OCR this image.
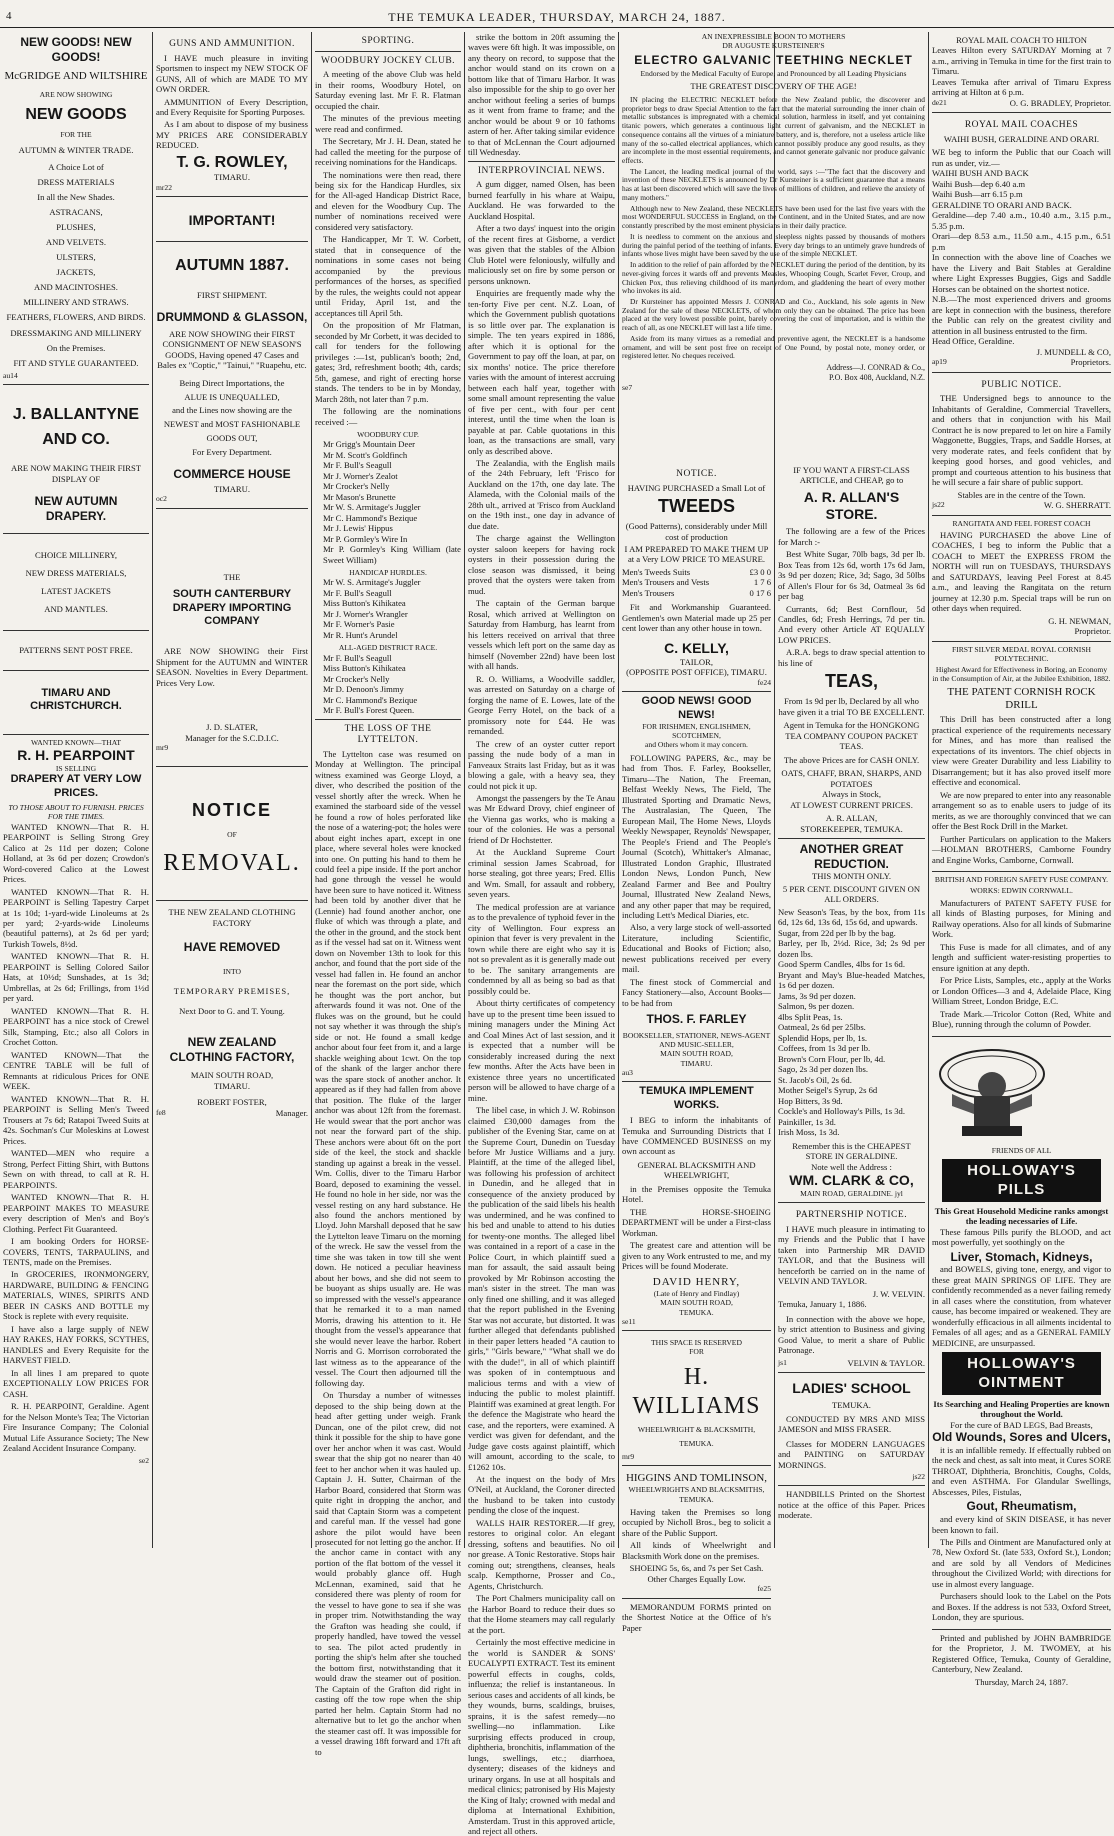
4	THE TEMUKA LEADER, THURSDAY, MARCH 24, 1887.
NEW GOODS! NEW GOODS!
McGRIDGE AND WILTSHIRE
ARE NOW SHOWING
NEW GOODS
FOR THE
AUTUMN & WINTER TRADE.
A Choice Lot of
DRESS MATERIALS
In all the New Shades.
ASTRACANS,
PLUSHES,
AND VELVETS.
ULSTERS,
JACKETS,
AND MACINTOSHES.
MILLINERY AND STRAWS.
FEATHERS, FLOWERS, AND BIRDS.
DRESSMAKING AND MILLINERY
On the Premises.
FIT AND STYLE GUARANTEED.
au14
J. BALLANTYNE AND CO.
ARE NOW MAKING THEIR FIRST DISPLAY OF
NEW AUTUMN DRAPERY.
CHOICE MILLINERY,
NEW DRESS MATERIALS,
LATEST JACKETS
AND MANTLES.
PATTERNS SENT POST FREE.
TIMARU AND CHRISTCHURCH.
WANTED KNOWN—THAT
R. H. PEARPOINT
IS SELLING
DRAPERY AT VERY LOW PRICES.
TO THOSE ABOUT TO FURNISH. PRICES FOR THE TIMES.

WANTED KNOWN—That R. H. PEARPOINT is Selling Strong Grey Calico at 2s 11d per dozen; Colone Holland, at 3s 6d per dozen; Crowdon's Word-covered Calico at the Lowest Prices.

WANTED KNOWN—That R. H. PEARPOINT is Selling Tapestry Carpet at 1s 10d; 1-yard-wide Linoleums at 2s per yard; 2-yards-wide Linoleums (beautiful patterns), at 2s 6d per yard; Turkish Towels, 8½d.

WANTED KNOWN—That R. H. PEARPOINT is Selling Colored Sailor Hats, at 10½d; Sunshades, at 1s 3d; Umbrellas, at 2s 6d; Frillings, from 1½d per yard.

WANTED KNOWN—That R. H. PEARPOINT has a nice stock of Crewel Silk, Stamping, Etc.; also all Colors in Crochet Cotton.

WANTED KNOWN—That the CENTRE TABLE will be full of Remnants at ridiculous Prices for ONE WEEK.

WANTED KNOWN—That R. H. PEARPOINT is Selling Men's Tweed Trousers at 7s 6d; Ratapoi Tweed Suits at 42s. Sochman's Cur Moleskins at Lowest Prices.

WANTED—MEN who require a Strong, Perfect Fitting Shirt, with Buttons Sewn on with thread, to call at R. H. PEARPOINTS.

WANTED KNOWN—That R. H. PEARPOINT MAKES TO MEASURE every description of Men's and Boy's Clothing. Perfect Fit Guaranteed.

I am booking Orders for HORSE-COVERS, TENTS, TARPAULINS, and TENTS, made on the Premises.

In GROCERIES, IRONMONGERY, HARDWARE, BUILDING & FENCING MATERIALS, WINES, SPIRITS AND BEER IN CASKS AND BOTTLE my Stock is replete with every requisite.

I have also a large supply of NEW HAY RAKES, HAY FORKS, SCYTHES, HANDLES and Every Requisite for the HARVEST FIELD.

In all lines I am prepared to quote EXCEPTIONALLY LOW PRICES FOR CASH.

R. H. PEARPOINT, Geraldine. Agent for the Nelson Monte's Tea; The Victorian Fire Insurance Company; The Colonial Mutual Life Assurance Society; The New Zealand Accident Insurance Company.

se2
GUNS AND AMMUNITION.

I HAVE much pleasure in inviting Sportsmen to inspect my NEW STOCK OF GUNS, All of which are MADE TO MY OWN ORDER.

AMMUNITION of Every Description, and Every Requisite for Sporting Purposes.

As I am about to dispose of my business MY PRICES ARE CONSIDERABLY REDUCED.

T. G. ROWLEY,
TIMARU.
mr22
IMPORTANT!
AUTUMN 1887.
FIRST SHIPMENT.
DRUMMOND & GLASSON,
ARE NOW SHOWING their FIRST CONSIGNMENT OF NEW SEASON'S GOODS, Having opened 47 Cases and Bales ex "Coptic," "Tainui," "Ruapehu, etc.
Being Direct Importations, the
ALUE IS UNEQUALLED,
and the Lines now showing are the
NEWEST and MOST FASHIONABLE
GOODS OUT,
For Every Department.
COMMERCE HOUSE
TIMARU.
oc2
THE
SOUTH CANTERBURY DRAPERY IMPORTING COMPANY

ARE NOW SHOWING their First Shipment for the AUTUMN and WINTER SEASON. Novelties in Every Department. Prices Very Low.

J. D. SLATER,
Manager for the S.C.D.I.C.
mr9
NOTICE
OF
REMOVAL.
THE NEW ZEALAND CLOTHING FACTORY
HAVE REMOVED
INTO
TEMPORARY PREMISES,
Next Door to G. and T. Young.
NEW ZEALAND CLOTHING FACTORY,
MAIN SOUTH ROAD,
TIMARU.
ROBERT FOSTER,
fe8	Manager.
SPORTING.
WOODBURY JOCKEY CLUB.

A meeting of the above Club was held in their rooms, Woodbury Hotel, on Saturday evening last. Mr F. R. Flatman occupied the chair.

The minutes of the previous meeting were read and confirmed.

The Secretary, Mr J. H. Dean, stated he had called the meeting for the purpose of receiving nominations for the Handicaps.

The nominations were then read, there being six for the Handicap Hurdles, six for the All-aged Handicap District Race, and eleven for the Woodbury Cup. The number of nominations received were considered very satisfactory.

The Handicapper, Mr T. W. Corbett, stated that in consequence of the nominations in some cases not being accompanied by the previous performances of the horses, as specified by the rules, the weights could not appear until Friday, April 1st, and the acceptances till April 5th.

On the proposition of Mr Flatman, seconded by Mr Corbett, it was decided to call for tenders for the following privileges :—1st, publican's booth; 2nd, gates; 3rd, refreshment booth; 4th, cards; 5th, gamese, and right of erecting horse stands. The tenders to be in by Monday, March 28th, not later than 7 p.m.

The following are the nominations received :—

WOODBURY CUP.
Mr Grigg's Mountain Deer
Mr M. Scott's Goldfinch
Mr F. Bull's Seagull
Mr J. Worner's Zealot
Mr Crocker's Nelly
Mr Mason's Brunette
Mr W. S. Armitage's Juggler
Mr C. Hammond's Bezique
Mr J. Lewis' Hippus
Mr P. Gormley's Wire In
Mr P. Gormley's King William (late Sweet William)
HANDICAP HURDLES.
Mr W. S. Armitage's Juggler
Mr F. Bull's Seagull
Miss Button's Kihikatea
Mr J. Worner's Wrangler
Mr F. Worner's Pasie
Mr R. Hunt's Arundel
ALL-AGED DISTRICT RACE.
Mr F. Bull's Seagull
Miss Button's Kihikatea
Mr Crocker's Nelly
Mr D. Denoon's Jimmy
Mr C. Hammond's Bezique
Mr F. Bull's Forest Queen.
THE LOSS OF THE LYTTELTON.

The Lyttelton case was resumed on Monday at Wellington. The principal witness examined was George Lloyd, a diver, who described the position of the vessel shortly after the wreck. When he examined the starboard side of the vessel he found a row of holes perforated like the nose of a watering-pot; the holes were about eight inches apart, except in one place, where several holes were knocked into one. On putting his hand to them he could feel a pipe inside. If the port anchor had gone through the vessel he would have been sure to have noticed it. Witness had been told by another diver that he (Lennie) had found another anchor, one fluke of which was through a plate, and the other in the ground, and the stock bent as if the vessel had sat on it. Witness went down on November 13th to look for this anchor, and found that the port side of the vessel had fallen in. He found an anchor near the foremast on the port side, which he thought was the port anchor, but afterwards found it was not. One of the flukes was on the ground, but he could not say whether it was through the ship's side or not. He found a small kedge anchor about four feet from it, and a large shackle weighing about 1cwt. On the top of the shank of the larger anchor there was the spare stock of another anchor. It appeared as if they had fallen from above that position. The fluke of the larger anchor was about 12ft from the foremast. He would swear that the port anchor was not near the forward part of the ship. These anchors were about 6ft on the port side of the keel, the stock and shackle standing up against a break in the vessel. Wm. Collis, diver to the Timaru Harbor Board, deposed to examining the vessel. He found no hole in her side, nor was the vessel resting on any hard substance. He also found the anchors mentioned by Lloyd. John Marshall deposed that he saw the Lyttelton leave Timaru on the morning of the wreck. He saw the vessel from the time she was taken in tow till she went down. He noticed a peculiar heaviness about her bows, and she did not seem to be buoyant as ships usually are. He was so impressed with the vessel's appearance that he remarked it to a man named Morris, drawing his attention to it. He thought from the vessel's appearance that she would never leave the harbor. Robert Norris and G. Morrison corroborated the last witness as to the appearance of the vessel. The Court then adjourned till the following day.

On Thursday a number of witnesses deposed to the ship being down at the head after getting under weigh. Frank Duncan, one of the pilot crew, did not think it possible for the ship to have gone over her anchor when it was cast. Would swear that the ship got no nearer than 40 feet to her anchor when it was hauled up. Captain J. H. Sutter, Chairman of the Harbor Board, considered that Storm was quite right in dropping the anchor, and said that Captain Storm was a competent and careful man. If the vessel had gone ashore the pilot would have been prosecuted for not letting go the anchor. If the anchor came in contact with any portion of the flat bottom of the vessel it would probably glance off. Hugh McLennan, examined, said that he considered there was plenty of room for the vessel to have gone to sea if she was in proper trim. Notwithstanding the way the Grafton was heading she could, if properly handled, have towed the vessel to sea. The pilot acted prudently in porting the ship's helm after she touched the bottom first, notwithstanding that it would draw the steamer out of position. The Captain of the Grafton did right in casting off the tow rope when the ship parted her helm. Captain Storm had no alternative but to let go the anchor when the steamer cast off. It was impossible for a vessel drawing 18ft forward and 17ft aft to

strike the bottom in 20ft assuming the waves were 6ft high. It was impossible, on any theory on record, to suppose that the anchor would stand on its crown on a bottom like that of Timaru Harbor. It was also impossible for the ship to go over her anchor without feeling a series of bumps as it went from frame to frame; and the anchor would be about 9 or 10 fathoms astern of her. After taking similar evidence to that of McLennan the Court adjourned till Wednesday.

INTERPROVINCIAL NEWS.

A gum digger, named Olsen, has been burned fearfully in his whare at Waipu, Auckland. He was forwarded to the Auckland Hospital.

After a two days' inquest into the origin of the recent fires at Gisborne, a verdict was given that the stables of the Albion Club Hotel were feloniously, wilfully and maliciously set on fire by some person or persons unknown.

Enquiries are frequently made why the ten-forty Five per cent. N.Z. Loan, of which the Government publish quotations is so little over par. The explanation is simple. The ten years expired in 1886, after which it is optional for the Government to pay off the loan, at par, on six months' notice. The price therefore varies with the amount of interest accruing between each half year, together with some small amount representing the value of five per cent., with four per cent interest, until the time when the loan is payable at par. Cable quotations in this loan, as the transactions are small, vary only as described above.

The Zealandia, with the English mails of the 24th February, left 'Frisco for Auckland on the 17th, one day late. The Alameda, with the Colonial mails of the 28th ult., arrived at 'Frisco from Auckland on the 19th inst., one day in advance of due date.

The charge against the Wellington oyster saloon keepers for having rock oysters in their possession during the close season was dismissed, it being proved that the oysters were taken from mud.

The captain of the German barque Rosal, which arrived at Wellington on Saturday from Hamburg, has learnt from his letters received on arrival that three vessels which left port on the same day as himself (November 22nd) have been lost with all hands.

R. O. Williams, a Woodville saddler, was arrested on Saturday on a charge of forging the name of E. Lowes, late of the George Ferry Hotel, on the back of a promissory note for £44. He was remanded.

The crew of an oyster cutter report passing the nude body of a man in Fanveaux Straits last Friday, but as it was blowing a gale, with a heavy sea, they could not pick it up.

Amongst the passengers by the Te Anau was Mr Edward Drovy, chief engineer of the Vienna gas works, who is making a tour of the colonies. He was a personal friend of Dr Hochstetter.

At the Auckland Supreme Court criminal session James Scabroad, for horse stealing, got three years; Fred. Ellis and Wm. Small, for assault and robbery, seven years.

The medical profession are at variance as to the prevalence of typhoid fever in the city of Wellington. Four express an opinion that fever is very prevalent in the town while there are eight who say it is not so prevalent as it is generally made out to be. The sanitary arrangements are condemned by all as being so bad as that possibly could be.

About thirty certificates of competency have up to the present time been issued to mining managers under the Mining Act and Coal Mines Act of last session, and it is expected that a number will be considerably increased during the next few months. After the Acts have been in existence three years no uncertificated person will be allowed to have charge of a mine.

The libel case, in which J. W. Robinson claimed £30,000 damages from the publisher of the Evening Star, came on at the Supreme Court, Dunedin on Tuesday before Mr Justice Williams and a jury. Plaintiff, at the time of the alleged libel, was following his profession of architect in Dunedin, and he alleged that in consequence of the anxiety produced by the publication of the said libels his health was undermined, and he was confined to his bed and unable to attend to his duties for twenty-one months. The alleged libel was contained in a report of a case in the Police Court, in which plaintiff sued a man for assault, the said assault being provoked by Mr Robinson accosting the man's sister in the street. The man was only fined one shilling, and it was alleged that the report published in the Evening Star was not accurate, but distorted. It was further alleged that defendants published in their paper letters headed "A caution to girls," "Girls beware," "What shall we do with the dude!", in all of which plaintiff was spoken of in contemptuous and malicious terms and with a view of inducing the public to molest plaintiff. Plaintiff was examined at great length. For the defence the Magistrate who heard the case, and the reporters, were examined. A verdict was given for defendant, and the Judge gave costs against plaintiff, which will amount, according to the scale, to £1262 10s.

At the inquest on the body of Mrs O'Neil, at Auckland, the Coroner directed the husband to be taken into custody pending the close of the inquest.

WALLS HAIR RESTORER.—If grey, restores to original color. An elegant dressing, softens and beautifies. No oil nor grease. A Tonic Restorative. Stops hair coming out; strengthens, cleanses, heals scalp. Kempthorne, Prosser and Co., Agents, Christchurch.

The Port Chalmers municipality call on the Harbor Board to reduce their dues so that the Home steamers may call regularly at the port.

Certainly the most effective medicine in the world is SANDER & SONS' EUCALYPTI EXTRACT. Test its eminent powerful effects in coughs, colds, influenza; the relief is instantaneous. In serious cases and accidents of all kinds, be they wounds, burns, scaldings, bruises, sprains, it is the safest remedy—no swelling—no inflammation. Like surprising effects produced in croup, diphtheria, bronchitis, inflammation of the lungs, swellings, etc.; diarrhoea, dysentery; diseases of the kidneys and urinary organs. In use at all hospitals and medical clinics; patronised by His Majesty the King of Italy; crowned with medal and diploma at International Exhibition, Amsterdam. Trust in this approved article, and reject all others.

AN INEXPRESSIBLE BOON TO MOTHERS
DR AUGUSTE KURSTEINER'S
ELECTRO GALVANIC TEETHING NECKLET
Endorsed by the Medical Faculty of Europe, and Pronounced by all Leading Physicians
THE GREATEST DISCOVERY OF THE AGE!

IN placing the ELECTRIC NECKLET before the New Zealand public, the discoverer and proprietor begs to draw Special Attention to the fact that the material surrounding the inner chain of metallic substances is impregnated with a chemical solution, harmless in itself, and yet containing titanic powers, which generates a continuous light current of galvanism, and the NECKLET in consequence contains all the virtues of a miniature battery, and is, therefore, not a useless article like many of the so-called electrical appliances, which cannot possibly produce any good results, as they are incomplete in the most essential requirements, and cannot generate galvanic nor produce galvanic effects.

The Lancet, the leading medical journal of the world, says :—"The fact that the discovery and invention of these NECKLETS is announced by Dr Kursteiner is a sufficient guarantee that a means has at last been discovered which will save the lives of millions of children, and relieve the anxiety of many mothers."

Although new to New Zealand, these NECKLETS have been used for the last five years with the most WONDERFUL SUCCESS in England, on the Continent, and in the United States, and are now constantly prescribed by the most eminent physicians in their daily practice.

It is needless to comment on the anxious and sleepless nights passed by thousands of mothers during the painful period of the teething of infants. Every day brings to an untimely grave hundreds of infants whose lives might have been saved by the use of the simple NECKLET.

In addition to the relief of pain afforded by the NECKLET during the period of the dentition, by its never-giving forces it wards off and prevents Measles, Whooping Cough, Scarlet Fever, Croup, and Chicken Pox, thus relieving childhood of its martyrdom, and gladdening the heart of every mother who invokes its aid.

Dr Kursteiner has appointed Messrs J. CONRAD and Co., Auckland, his sole agents in New Zealand for the sale of these NECKLETS, of whom only they can be obtained. The price has been placed at the very lowest possible point, barely covering the cost of importation, and is within the reach of all, as one NECKLET will last a life time.

Aside from its many virtues as a remedial and preventive agent, the NECKLET is a handsome ornament, and will be sent post free on receipt of One Pound, by postal note, money order, or registered letter. No cheques received.

Address—J. CONRAD & Co.,
P.O. Box 408, Auckland, N.Z.
se7
NOTICE.
HAVING PURCHASED a Small Lot of
TWEEDS
(Good Patterns), considerably under Mill cost of production
I AM PREPARED TO MAKE THEM UP at a Very LOW PRICE TO MEASURE.
Men's Tweeds Suits	£3 0 0
Men's Trousers and Vests	1 7 6
Men's Trousers	0 17 6

Fit and Workmanship Guaranteed. Gentlemen's own Material made up 25 per cent lower than any other house in town.

C. KELLY,
TAILOR,
(OPPOSITE POST OFFICE), TIMARU.
fe24
GOOD NEWS! GOOD NEWS!
FOR IRISHMEN, ENGLISHMEN, SCOTCHMEN,
and Others whom it may concern.

FOLLOWING PAPERS, &c., may be had from Thos. F. Farley, Bookseller, Timaru—The Nation, The Freeman, Belfast Weekly News, The Field, The Illustrated Sporting and Dramatic News, The Australasian, The Queen, The European Mail, The Home News, Lloyds Weekly Newspaper, Reynolds' Newspaper, The People's Friend and The People's Journal (Scotch), Whittaker's Almanac, Illustrated London Graphic, Illustrated London News, London Punch, New Zealand Farmer and Bee and Poultry Journal, Illustrated New Zealand News, and any other paper that may be required, including Lett's Medical Diaries, etc.

Also, a very large stock of well-assorted Literature, including Scientific, Educational and Books of Fiction; also, newest publications received per every mail.

The finest stock of Commercial and Fancy Stationery—also, Account Books—to be had from

THOS. F. FARLEY
BOOKSELLER, STATIONER, NEWS-AGENT AND MUSIC-SELLER,
MAIN SOUTH ROAD,
TIMARU.
au3
TEMUKA IMPLEMENT WORKS.

I BEG to inform the inhabitants of Temuka and Surrounding Districts that I have COMMENCED BUSINESS on my own account as

GENERAL BLACKSMITH AND
WHEELWRIGHT,

in the Premises opposite the Temuka Hotel.

THE HORSE-SHOEING DEPARTMENT will be under a First-class Workman.

The greatest care and attention will be given to any Work entrusted to me, and my Prices will be found Moderate.

DAVID HENRY,
(Late of Henry and Findlay)
MAIN SOUTH ROAD,
TEMUKA.
se11
THIS SPACE IS RESERVED
FOR
H. WILLIAMS
WHEELWRIGHT & BLACKSMITH,
TEMUKA.
mr9
HIGGINS AND TOMLINSON,
WHEELWRIGHTS AND BLACKSMITHS, TEMUKA.

Having taken the Premises so long occupied by Nicholl Bros., beg to solicit a share of the Public Support.

All kinds of Wheelwright and Blacksmith Work done on the premises.

SHOEING 5s, 6s, and 7s per Set Cash.
Other Charges Equally Low.
fe25

MEMORANDUM FORMS printed on the Shortest Notice at the Office of h's Paper

IF YOU WANT A FIRST-CLASS ARTICLE, and CHEAP, go to
A. R. ALLAN'S STORE.

The following are a few of the Prices for March :-

Best White Sugar, 70lb bags, 3d per lb. Box Teas from 12s 6d, worth 17s 6d Jam, 3s 9d per dozen; Rice, 3d; Sago, 3d 50lbs of Allen's Flour for 6s 3d, Oatmeal 3s 6d per bag

Currants, 6d; Best Cornflour, 5d Candles, 6d; Fresh Herrings, 7d per tin. And every other Article AT EQUALLY LOW PRICES.

A.R.A. begs to draw special attention to his line of

TEAS,
From 1s 9d per lb, Declared by all who have given it a trial TO BE EXCELLENT.
Agent in Temuka for the HONGKONG TEA COMPANY COUPON PACKET TEAS.
The above Prices are for CASH ONLY.
OATS, CHAFF, BRAN, SHARPS, AND POTATOES
Always in Stock,
AT LOWEST CURRENT PRICES.
A. R. ALLAN,
STOREKEEPER, TEMUKA.
ANOTHER GREAT REDUCTION.
THIS MONTH ONLY.
5 PER CENT. DISCOUNT GIVEN ON ALL ORDERS.
New Season's Teas, by the box, from 11s 6d, 12s 6d, 13s 6d, 15s 6d, and upwards.
Sugar, from 22d per lb by the bag.
Barley, per lb, 2½d. Rice, 3d; 2s 9d per dozen lbs.
Good Sperm Candles, 4lbs for 1s 6d.
Bryant and May's Blue-headed Matches, 1s 6d per dozen.
Jams, 3s 9d per dozen.
Salmon, 9s per dozen.
4lbs Split Peas, 1s.
Oatmeal, 2s 6d per 25lbs.
Splendid Hops, per lb, 1s.
Coffees, from 1s 3d per lb.
Brown's Corn Flour, per lb, 4d.
Sago, 2s 3d per dozen lbs.
St. Jacob's Oil, 2s 6d.
Mother Seigel's Syrup, 2s 6d
Hop Bitters, 3s 9d.
Cockle's and Holloway's Pills, 1s 3d.
Painkiller, 1s 3d.
Irish Moss, 1s 3d.
Remember this is the CHEAPEST STORE IN GERALDINE.
Note well the Address :
WM. CLARK & CO,
MAIN ROAD, GERALDINE. jyl
PARTNERSHIP NOTICE.

I HAVE much pleasure in intimating to my Friends and the Public that I have taken into Partnership MR DAVID TAYLOR, and that the Business will henceforth be carried on in the name of VELVIN AND TAYLOR.

J. W. VELVIN.
Temuka, January 1, 1886.

In connection with the above we hope, by strict attention to Business and giving Good Value, to merit a share of Public Patronage.

js1	VELVIN & TAYLOR.
LADIES' SCHOOL
TEMUKA.

CONDUCTED BY MRS AND MISS JAMESON and MISS FRASER.

Classes for MODERN LANGUAGES and PAINTING on SATURDAY MORNINGS.

js22

HANDBILLS Printed on the Shortest notice at the office of this Paper. Prices moderate.

ROYAL MAIL COACH TO HILTON
Leaves Hilton every SATURDAY Morning at 7 a.m., arriving in Temuka in time for the first train to Timaru.
Leaves Temuka after arrival of Timaru Express arriving at Hilton at 6 p.m.
de21	O. G. BRADLEY, Proprietor.
ROYAL MAIL COACHES
WAIHI BUSH, GERALDINE AND ORARI.
WE beg to inform the Public that our Coach will run as under, viz.—
WAIHI BUSH AND BACK
Waihi Bush—dep 6.40 a.m
Waihi Bush—arr 6.15 p.m
GERALDINE TO ORARI AND BACK.
Geraldine—dep 7.40 a.m., 10.40 a.m., 3.15 p.m., 5.35 p.m.
Orari—dep 8.53 a.m., 11.50 a.m., 4.15 p.m., 6.51 p.m
In connection with the above line of Coaches we have the Livery and Bait Stables at Geraldine where Light Expresses Buggies, Gigs and Saddle Horses can be obtained on the shortest notice.
N.B.—The most experienced drivers and grooms are kept in connection with the business, therefore the Public can rely on the greatest civility and attention in all business entrusted to the firm.
Head Office, Geraldine.
J. MUNDELL & CO,
ap19	Proprietors.
PUBLIC NOTICE.

THE Undersigned begs to announce to the Inhabitants of Geraldine, Commercial Travellers, and others that in conjunction with his Mail Contract he is now prepared to let on hire a Family Waggonette, Buggies, Traps, and Saddle Horses, at very moderate rates, and feels confident that by keeping good horses, and good vehicles, and prompt and courteous attention to his business that he will secure a fair share of public support.

Stables are in the centre of the Town.
js22	W. G. SHERRATT.
RANGITATA AND FEEL FOREST COACH

HAVING PURCHASED the above Line of COACHES, I beg to inform the Public that a COACH to MEET the EXPRESS FROM the NORTH will run on TUESDAYS, THURSDAYS and SATURDAYS, leaving Peel Forest at 8.45 a.m., and leaving the Rangitata on the return journey at 12.30 p.m. Special traps will be run on other days when required.

G. H. NEWMAN,
Proprietor.
FIRST SILVER MEDAL ROYAL CORNISH POLYTECHNIC.
Highest Award for Effectiveness in Boring, an Economy in the Consumption of Air, at the Jubilee Exhibition, 1882.
THE PATENT CORNISH ROCK DRILL

This Drill has been constructed after a long practical experience of the requirements necessary for Mines, and has more than realised the expectations of its inventors. The chief objects in view were Greater Durability and less Liability to Disarrangement; but it has also proved itself more effective and economical.

We are now prepared to enter into any reasonable arrangement so as to enable users to judge of its merits, as we are thoroughly convinced that we can offer the Best Rock Drill in the Market.

Further Particulars on application to the Makers—HOLMAN BROTHERS, Camborne Foundry and Engine Works, Camborne, Cornwall.

BRITISH AND FOREIGN SAFETY FUSE COMPANY.
WORKS: EDWIN CORNWALL.

Manufacturers of PATENT SAFETY FUSE for all kinds of Blasting purposes, for Mining and Railway operations. Also for all kinds of Submarine Work.

This Fuse is made for all climates, and of any length and sufficient water-resisting properties to ensure ignition at any depth.

For Price Lists, Samples, etc., apply at the Works or London Offices—3 and 4, Adelaide Place, King William Street, London Bridge, E.C.

Trade Mark.—Tricolor Cotton (Red, White and Blue), running through the column of Powder.

FRIENDS OF ALL
HOLLOWAY'S PILLS
This Great Household Medicine ranks amongst the leading necessaries of Life.

These famous Pills purify the BLOOD, and act most powerfully, yet soothingly on the

Liver, Stomach, Kidneys,

and BOWELS, giving tone, energy, and vigor to these great MAIN SPRINGS OF LIFE. They are confidently recommended as a never failing remedy in all cases where the constitution, from whatever cause, has become impaired or weakened. They are wonderfully efficacious in all ailments incidental to Females of all ages; and as a GENERAL FAMILY MEDICINE, are unsurpassed.

HOLLOWAY'S OINTMENT
Its Searching and Healing Properties are known throughout the World.
For the cure of BAD LEGS, Bad Breasts,
Old Wounds, Sores and Ulcers,

it is an infallible remedy. If effectually rubbed on the neck and chest, as salt into meat, it Cures SORE THROAT, Diphtheria, Bronchitis, Coughs, Colds, and even ASTHMA. For Glandular Swellings, Abscesses, Piles, Fistulas,

Gout, Rheumatism,

and every kind of SKIN DISEASE, it has never been known to fail.

The Pills and Ointment are Manufactured only at 78, New Oxford St. (late 533, Oxford St.), London; and are sold by all Vendors of Medicines throughout the Civilized World; with directions for use in almost every language.

Purchasers should look to the Label on the Pots and Boxes. If the address is not 533, Oxford Street, London, they are spurious.

Printed and published by JOHN BAMBRIDGE for the Proprietor, J. M. TWOMEY, at his Registered Office, Temuka, County of Geraldine, Canterbury, New Zealand.

Thursday, March 24, 1887.
